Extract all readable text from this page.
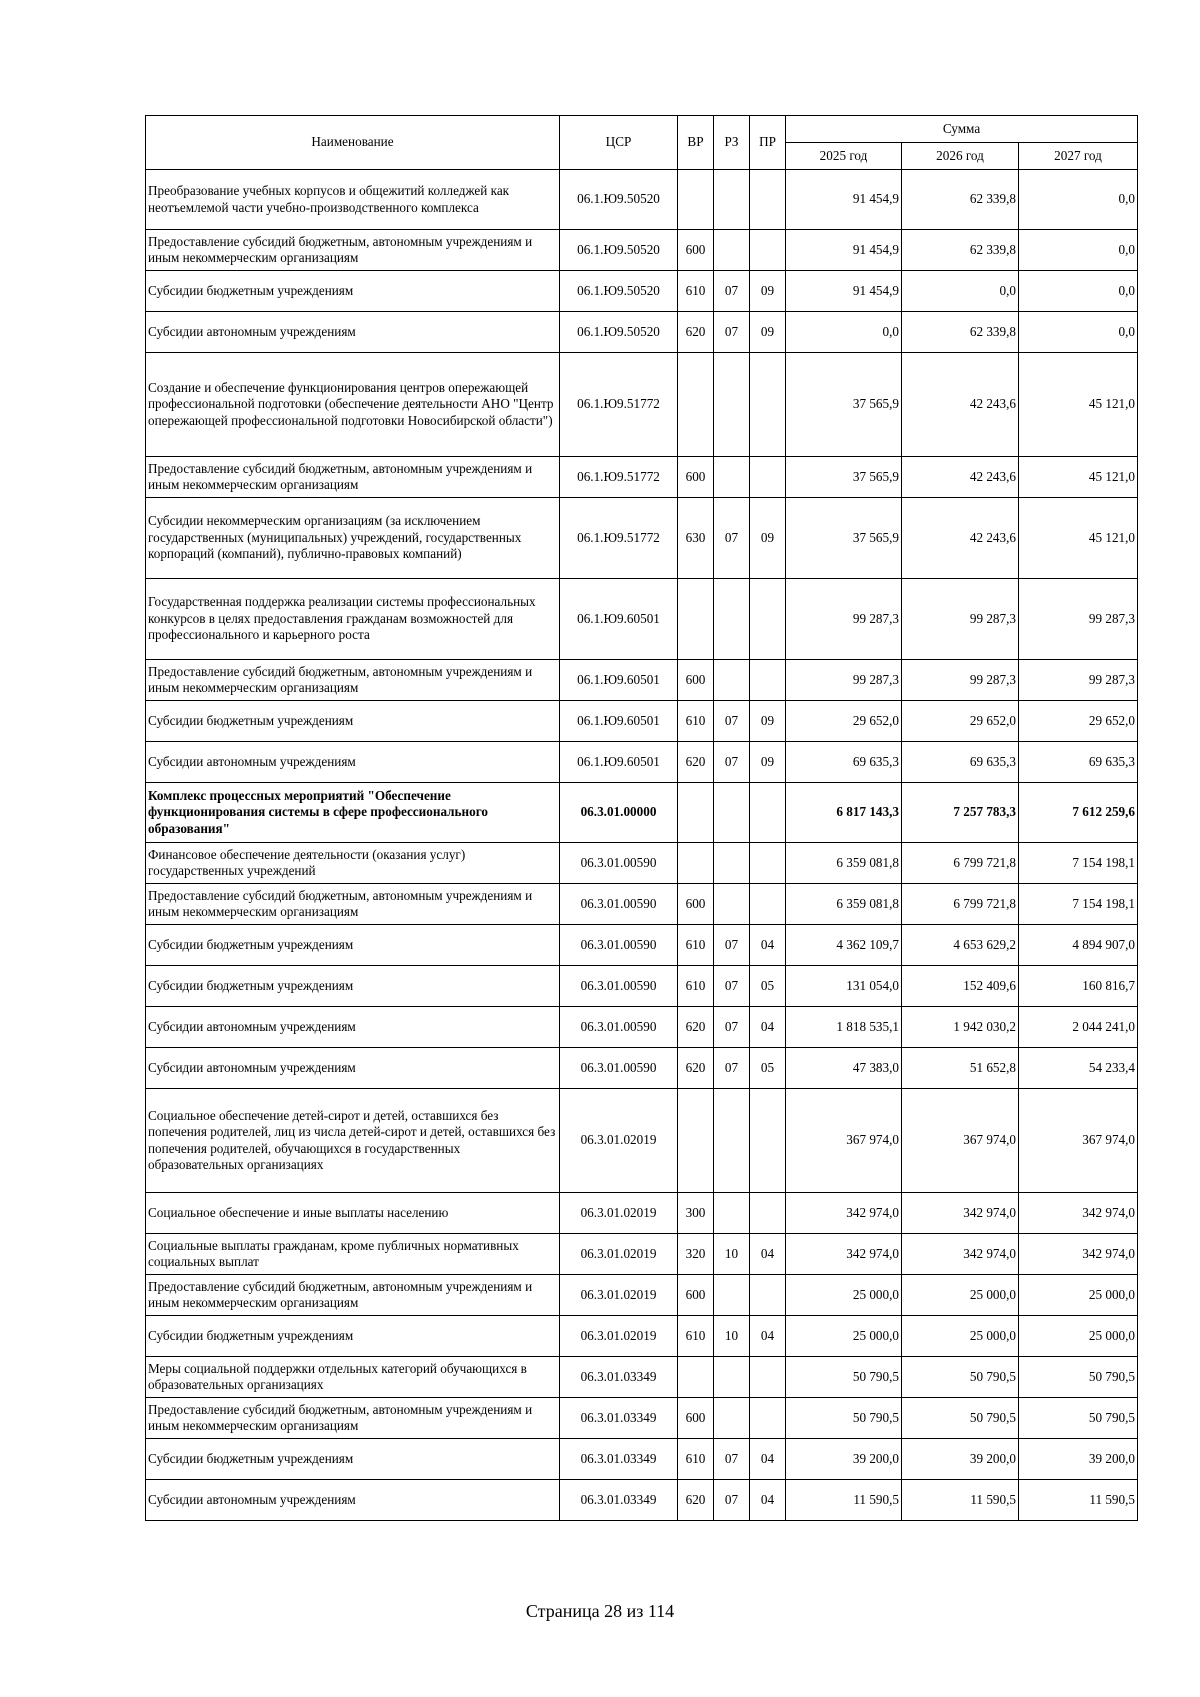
Наименование	ЦСР	ВР	РЗ	ПР	Сумма		
					2025 год	2026 год	2027 год
Преобразование учебных корпусов и общежитий колледжей как неотъемлемой части учебно-производственного комплекса	06.1.Ю9.50520				91 454,9	62 339,8	0,0
Предоставление субсидий бюджетным, автономным учреждениям и иным некоммерческим организациям	06.1.Ю9.50520	600			91 454,9	62 339,8	0,0
Субсидии бюджетным учреждениям	06.1.Ю9.50520	610	07	09	91 454,9	0,0	0,0
Субсидии автономным учреждениям	06.1.Ю9.50520	620	07	09	0,0	62 339,8	0,0
Создание и обеспечение функционирования центров опережающей профессиональной подготовки (обеспечение деятельности АНО "Центр опережающей профессиональной подготовки Новосибирской области")	06.1.Ю9.51772				37 565,9	42 243,6	45 121,0
Предоставление субсидий бюджетным, автономным учреждениям и иным некоммерческим организациям	06.1.Ю9.51772	600			37 565,9	42 243,6	45 121,0
Субсидии некоммерческим организациям (за исключением государственных (муниципальных) учреждений, государственных корпораций (компаний), публично-правовых компаний)	06.1.Ю9.51772	630	07	09	37 565,9	42 243,6	45 121,0
Государственная поддержка реализации системы профессиональных конкурсов в целях предоставления гражданам возможностей для профессионального и карьерного роста	06.1.Ю9.60501				99 287,3	99 287,3	99 287,3
Предоставление субсидий бюджетным, автономным учреждениям и иным некоммерческим организациям	06.1.Ю9.60501	600			99 287,3	99 287,3	99 287,3
Субсидии бюджетным учреждениям	06.1.Ю9.60501	610	07	09	29 652,0	29 652,0	29 652,0
Субсидии автономным учреждениям	06.1.Ю9.60501	620	07	09	69 635,3	69 635,3	69 635,3
Комплекс процессных мероприятий "Обеспечение функционирования системы в сфере профессионального образования"	06.3.01.00000				6 817 143,3	7 257 783,3	7 612 259,6
Финансовое обеспечение деятельности (оказания услуг) государственных учреждений	06.3.01.00590				6 359 081,8	6 799 721,8	7 154 198,1
Предоставление субсидий бюджетным, автономным учреждениям и иным некоммерческим организациям	06.3.01.00590	600			6 359 081,8	6 799 721,8	7 154 198,1
Субсидии бюджетным учреждениям	06.3.01.00590	610	07	04	4 362 109,7	4 653 629,2	4 894 907,0
Субсидии бюджетным учреждениям	06.3.01.00590	610	07	05	131 054,0	152 409,6	160 816,7
Субсидии автономным учреждениям	06.3.01.00590	620	07	04	1 818 535,1	1 942 030,2	2 044 241,0
Субсидии автономным учреждениям	06.3.01.00590	620	07	05	47 383,0	51 652,8	54 233,4
Социальное обеспечение детей-сирот и детей, оставшихся без попечения родителей, лиц из числа детей-сирот и детей, оставшихся без попечения родителей, обучающихся в государственных образовательных организациях	06.3.01.02019				367 974,0	367 974,0	367 974,0
Социальное обеспечение и иные выплаты населению	06.3.01.02019	300			342 974,0	342 974,0	342 974,0
Социальные выплаты гражданам, кроме публичных нормативных социальных выплат	06.3.01.02019	320	10	04	342 974,0	342 974,0	342 974,0
Предоставление субсидий бюджетным, автономным учреждениям и иным некоммерческим организациям	06.3.01.02019	600			25 000,0	25 000,0	25 000,0
Субсидии бюджетным учреждениям	06.3.01.02019	610	10	04	25 000,0	25 000,0	25 000,0
Меры социальной поддержки отдельных категорий обучающихся в образовательных организациях	06.3.01.03349				50 790,5	50 790,5	50 790,5
Предоставление субсидий бюджетным, автономным учреждениям и иным некоммерческим организациям	06.3.01.03349	600			50 790,5	50 790,5	50 790,5
Субсидии бюджетным учреждениям	06.3.01.03349	610	07	04	39 200,0	39 200,0	39 200,0
Субсидии автономным учреждениям	06.3.01.03349	620	07	04	11 590,5	11 590,5	11 590,5
Страница 28 из 114
